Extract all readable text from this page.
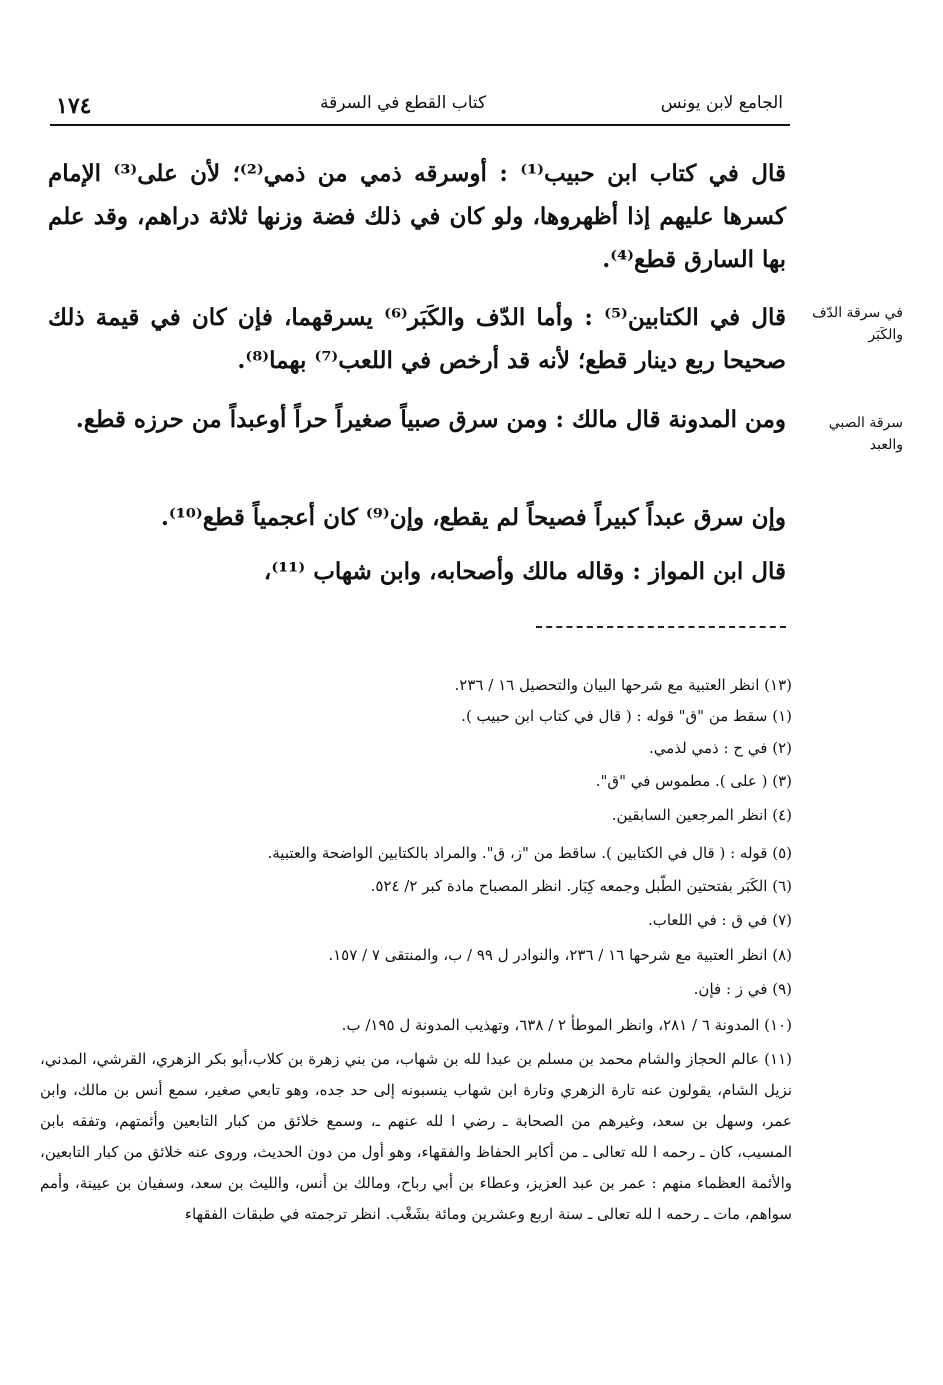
الجامع لابن يونس
كتاب القطع في السرقة
١٧٤
قال في كتاب ابن حبيب⁽¹⁾ : أوسرقه ذمي من ذمي⁽²⁾؛ لأن على⁽³⁾ الإمام كسرها عليهم إذا أظهروها، ولو كان في ذلك فضة وزنها ثلاثة دراهم، وقد علم بها السارق قطع⁽⁴⁾.
قال في الكتابين⁽⁵⁾ : وأما الدّف والكَبَر⁽⁶⁾ يسرقهما، فإن كان في قيمة ذلك صحيحا ربع دينار قطع؛ لأنه قد أرخص في اللعب⁽⁷⁾ بهما⁽⁸⁾.
ومن المدونة قال مالك : ومن سرق صبياً صغيراً حراً أوعبداً من حرزه قطع.
وإن سرق عبداً كبيراً فصيحاً لم يقطع، وإن⁽⁹⁾ كان أعجمياً قطع⁽¹⁰⁾.
قال ابن المواز : وقاله مالك وأصحابه، وابن شهاب ⁽¹¹⁾،
في سرقة الدّف والكَبَر
سرقة الصبي والعبد
(١٣) انظر العتبية مع شرحها البيان والتحصيل ١٦ / ٢٣٦.
(١) سقط من "ق" قوله : ( قال في كتاب ابن حبيب ).
(٢) في ح : ذمي لذمي.
(٣) ( على ). مطموس في "ق".
(٤) انظر المرجعين السابقين.
(٥) قوله : ( قال في الكتابين ). ساقط من "ز، ق". والمراد بالكتابين الواضحة والعتبية.
(٦) الكَبَر بفتحتين الطّبل وجمعه كِبَار. انظر المصباح مادة كبر ٢/ ٥٢٤.
(٧) في ق : في اللعاب.
(٨) انظر العتبية مع شرحها ١٦ / ٢٣٦، والنوادر ل ٩٩ / ب، والمنتقى ٧ / ١٥٧.
(٩) في ز : فإن.
(١٠) المدونة ٦ / ٢٨١، وانظر الموطأ ٢ / ٦٣٨، وتهذيب المدونة ل ١٩٥/ ب.
(١١) عالم الحجاز والشام محمد بن مسلم بن عبدا لله بن شهاب، من بني زهرة بن كلاب،أبو بكر الزهري، القرشي، المدني، نزيل الشام، يقولون عنه تارة الزهري وتارة ابن شهاب ينسبونه إلى حد جده، وهو تابعي صغير، سمع أنس بن مالك، وابن عمر، وسهل بن سعد، وغيرهم من الصحابة ـ رضي ا لله عنهم ـ، وسمع خلائق من كبار التابعين وأئمتهم، وتفقه بابن المسيب، كان ـ رحمه ا لله تعالى ـ من أكابر الحفاظ والفقهاء، وهو أول من دون الحديث، وروى عنه خلائق من كبار التابعين، والأئمة العظماء منهم : عمر بن عبد العزيز، وعطاء بن أبي رباح، ومالك بن أنس، والليث بن سعد، وسفيان بن عيينة، وأمم سواهم، مات ـ رحمه ا لله تعالى ـ سنة اربع وعشرين ومائة بشَغْب. انظر ترجمته في طبقات الفقهاء
